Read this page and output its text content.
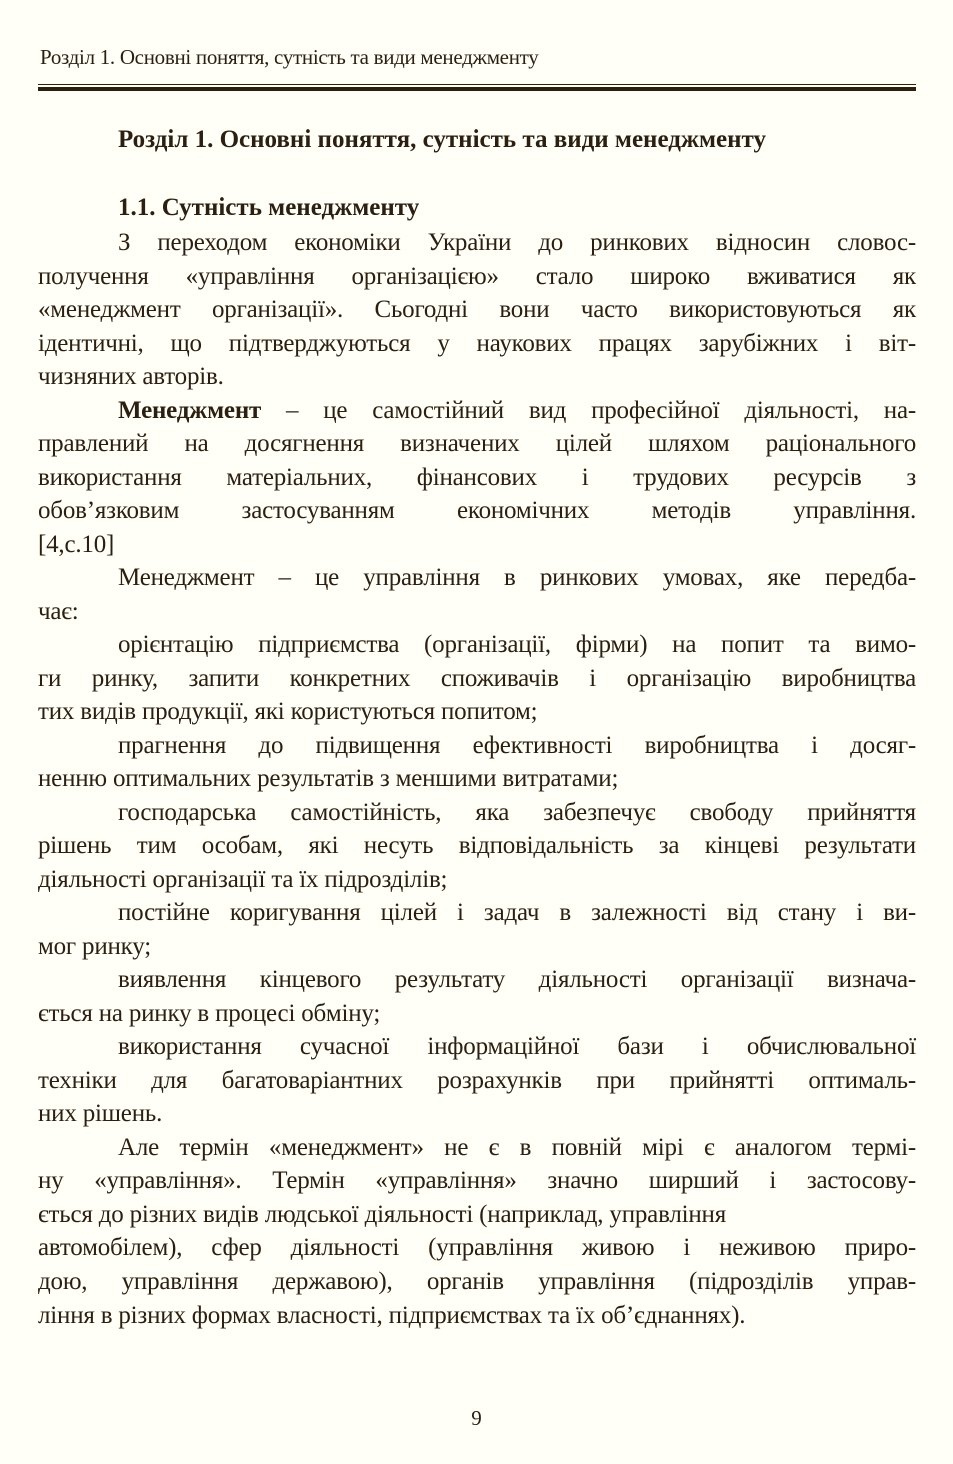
Розділ 1. Основні поняття, сутність та види менеджменту
Розділ 1. Основні поняття, сутність та види менеджменту
1.1. Сутність менеджменту
З переходом економіки України до ринкових відносин словос-
получення «управління організацією» стало широко вживатися як
«менеджмент організації». Сьогодні вони часто використовуються як
ідентичні, що підтверджуються у наукових працях зарубіжних і віт-
чизняних авторів.
Менеджмент – це самостійний вид професійної діяльності, на-
правлений на досягнення визначених цілей шляхом раціонального
використання матеріальних, фінансових і трудових ресурсів з
обов’язковим застосуванням економічних методів управління.
[4,с.10]
Менеджмент – це управління в ринкових умовах, яке передба-
чає:
орієнтацію підприємства (організації, фірми) на попит та вимо-
ги ринку, запити конкретних споживачів і організацію виробництва
тих видів продукції, які користуються попитом;
прагнення до підвищення ефективності виробництва і досяг-
ненню оптимальних результатів з меншими витратами;
господарська самостійність, яка забезпечує свободу прийняття
рішень тим особам, які несуть відповідальність за кінцеві результати
діяльності організації та їх підрозділів;
постійне коригування цілей і задач в залежності від стану і ви-
мог ринку;
виявлення кінцевого результату діяльності організації визнача-
ється на ринку в процесі обміну;
використання сучасної інформаційної бази і обчислювальної
техніки для багатоваріантних розрахунків при прийнятті оптималь-
них рішень.
Але термін «менеджмент» не є в повній мірі є аналогом термі-
ну «управління». Термін «управління» значно ширший і застосову-
ється до різних видів людської діяльності (наприклад, управління
автомобілем), сфер діяльності (управління живою і неживою приро-
дою, управління державою), органів управління (підрозділів управ-
ління в різних формах власності, підприємствах та їх об’єднаннях).
9
